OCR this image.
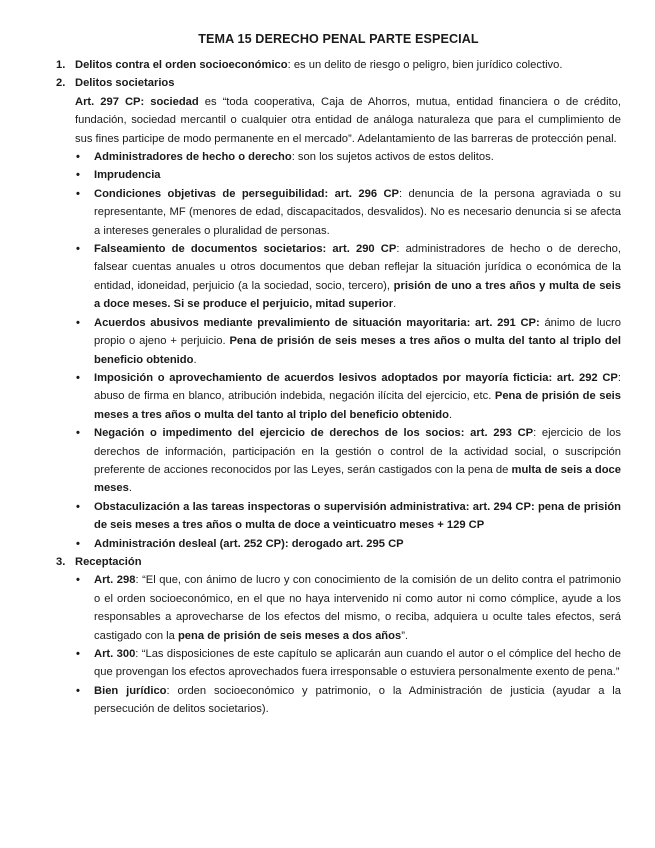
TEMA 15 DERECHO PENAL PARTE ESPECIAL
1. Delitos contra el orden socioeconómico: es un delito de riesgo o peligro, bien jurídico colectivo.
2. Delitos societarios
Art. 297 CP: sociedad es “toda cooperativa, Caja de Ahorros, mutua, entidad financiera o de crédito, fundación, sociedad mercantil o cualquier otra entidad de análoga naturaleza que para el cumplimiento de sus fines participe de modo permanente en el mercado”. Adelantamiento de las barreras de protección penal.
• Administradores de hecho o derecho: son los sujetos activos de estos delitos.
• Imprudencia
• Condiciones objetivas de perseguibilidad: art. 296 CP: denuncia de la persona agraviada o su representante, MF (menores de edad, discapacitados, desvalidos). No es necesario denuncia si se afecta a intereses generales o pluralidad de personas.
• Falseamiento de documentos societarios: art. 290 CP: administradores de hecho o de derecho, falsear cuentas anuales u otros documentos que deban reflejar la situación jurídica o económica de la entidad, idoneidad, perjuicio (a la sociedad, socio, tercero), prisión de uno a tres años y multa de seis a doce meses. Si se produce el perjuicio, mitad superior.
• Acuerdos abusivos mediante prevalimiento de situación mayoritaria: art. 291 CP: ánimo de lucro propio o ajeno + perjuicio. Pena de prisión de seis meses a tres años o multa del tanto al triplo del beneficio obtenido.
• Imposición o aprovechamiento de acuerdos lesivos adoptados por mayoría ficticia: art. 292 CP: abuso de firma en blanco, atribución indebida, negación ilícita del ejercicio, etc. Pena de prisión de seis meses a tres años o multa del tanto al triplo del beneficio obtenido.
• Negación o impedimento del ejercicio de derechos de los socios: art. 293 CP: ejercicio de los derechos de información, participación en la gestión o control de la actividad social, o suscripción preferente de acciones reconocidos por las Leyes, serán castigados con la pena de multa de seis a doce meses.
• Obstaculización a las tareas inspectoras o supervisión administrativa: art. 294 CP: pena de prisión de seis meses a tres años o multa de doce a veinticuatro meses + 129 CP
• Administración desleal (art. 252 CP): derogado art. 295 CP
3. Receptación
• Art. 298: “El que, con ánimo de lucro y con conocimiento de la comisión de un delito contra el patrimonio o el orden socioeconómico, en el que no haya intervenido ni como autor ni como cómplice, ayude a los responsables a aprovecharse de los efectos del mismo, o reciba, adquiera u oculte tales efectos, será castigado con la pena de prisión de seis meses a dos años”.
• Art. 300: “Las disposiciones de este capítulo se aplicarán aun cuando el autor o el cómplice del hecho de que provengan los efectos aprovechados fuera irresponsable o estuviera personalmente exento de pena.”
• Bien jurídico: orden socioeconómico y patrimonio, o la Administración de justicia (ayudar a la persecución de delitos societarios).
